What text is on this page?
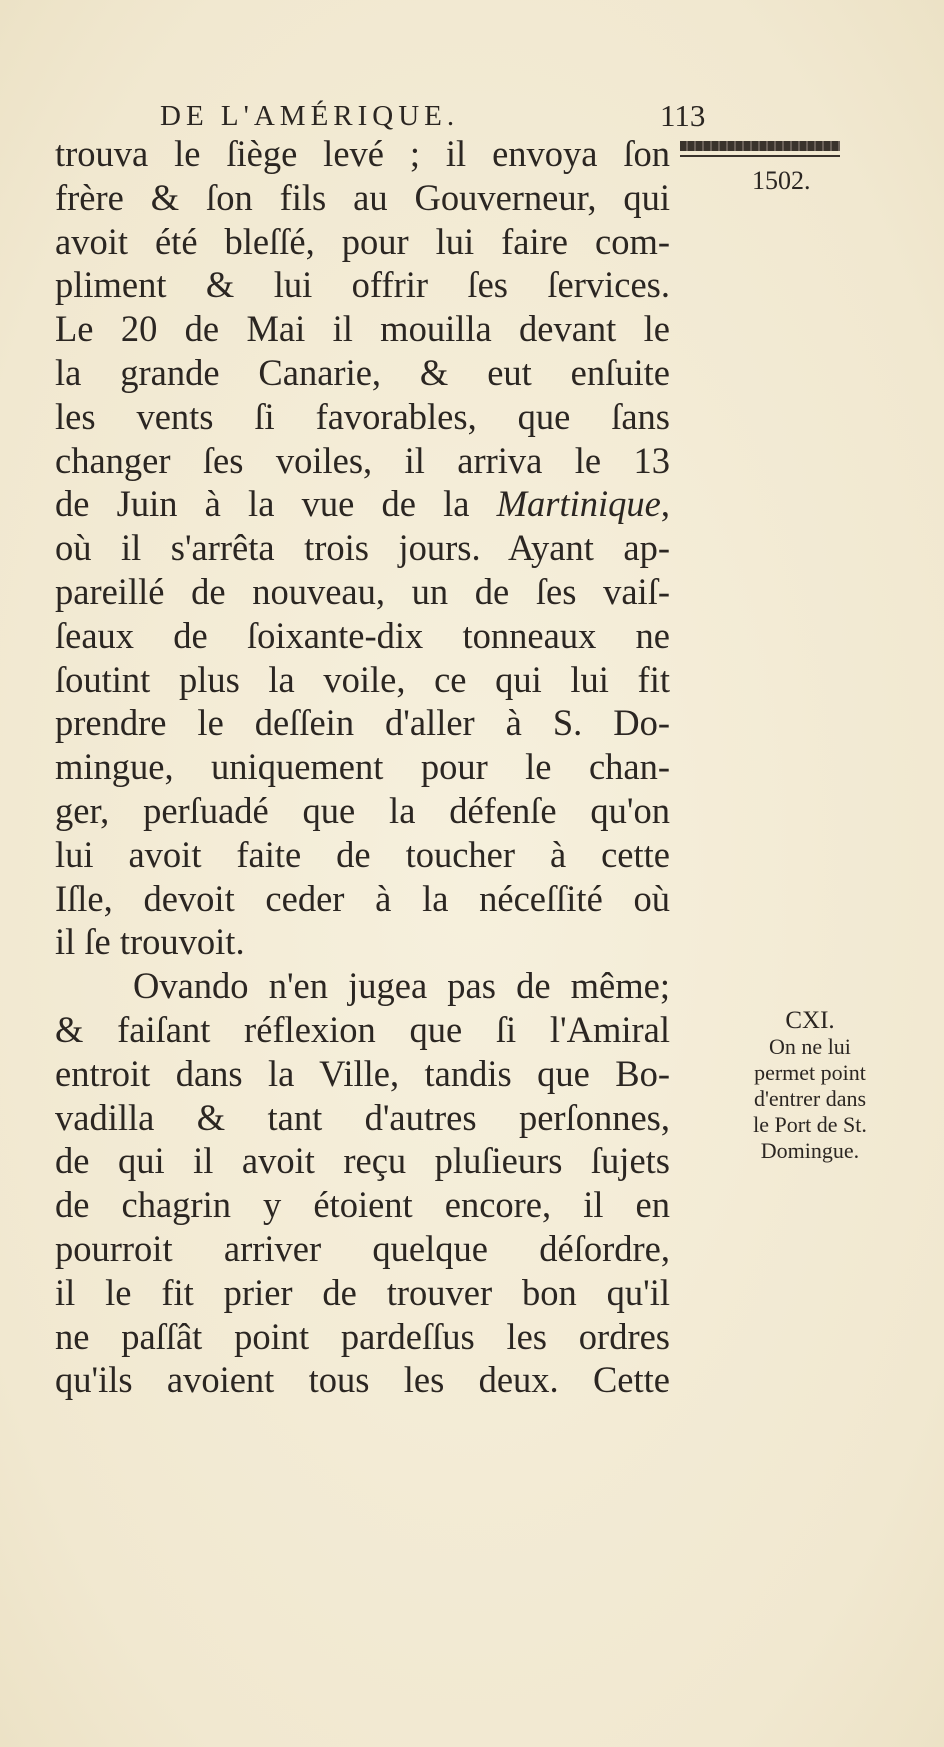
DE L'AMÉRIQUE.	113
1502.
trouva le ſiège levé ; il envoya ſon
frère & ſon fils au Gouverneur, qui
avoit été bleſſé, pour lui faire com-
pliment & lui offrir ſes ſervices.
Le 20 de Mai il mouilla devant le
la grande Canarie, & eut enſuite
les vents ſi favorables, que ſans
changer ſes voiles, il arriva le 13
de Juin à la vue de la Martinique,
où il s'arrêta trois jours. Ayant ap-
pareillé de nouveau, un de ſes vaiſ-
ſeaux de ſoixante-dix tonneaux ne
ſoutint plus la voile, ce qui lui fit
prendre le deſſein d'aller à S. Do-
mingue, uniquement pour le chan-
ger, perſuadé que la défenſe qu'on
lui avoit faite de toucher à cette
Iſle, devoit ceder à la néceſſité où
il ſe trouvoit.
Ovando n'en jugea pas de même;
& faiſant réflexion que ſi l'Amiral
entroit dans la Ville, tandis que Bo-
vadilla & tant d'autres perſonnes,
de qui il avoit reçu pluſieurs ſujets
de chagrin y étoient encore, il en
pourroit arriver quelque déſordre,
il le fit prier de trouver bon qu'il
ne paſſât point pardeſſus les ordres
qu'ils avoient tous les deux. Cette
CXI.
On ne lui
permet point
d'entrer dans
le Port de St.
Domingue.
